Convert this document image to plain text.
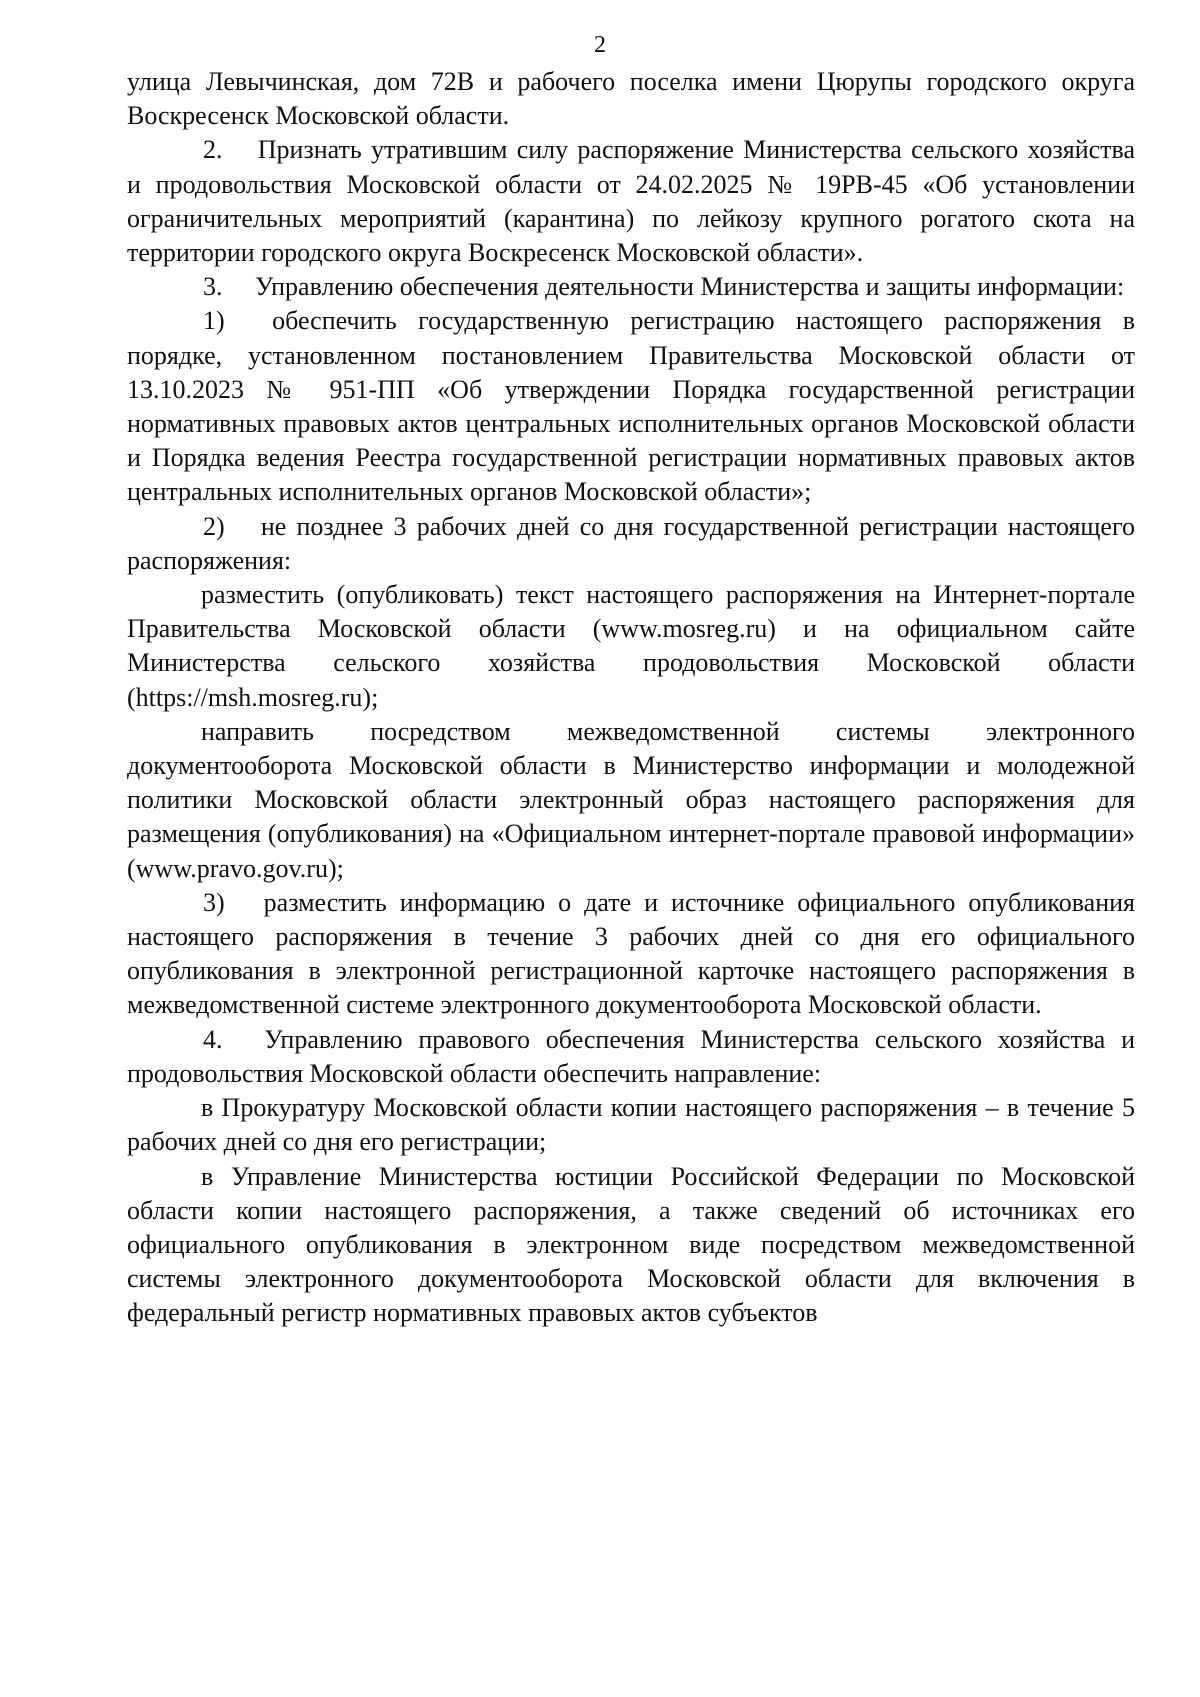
2

улица Левычинская, дом 72В и рабочего поселка имени Цюрупы городского округа Воскресенск Московской области.

2.  Признать утратившим силу распоряжение Министерства сельского хозяйства и продовольствия Московской области от 24.02.2025 № 19РВ-45 «Об установлении ограничительных мероприятий (карантина) по лейкозу крупного рогатого скота на территории городского округа Воскресенск Московской области».

3.  Управлению обеспечения деятельности Министерства и защиты информации:

1)  обеспечить государственную регистрацию настоящего распоряжения в порядке, установленном постановлением Правительства Московской области от 13.10.2023 № 951-ПП «Об утверждении Порядка государственной регистрации нормативных правовых актов центральных исполнительных органов Московской области и Порядка ведения Реестра государственной регистрации нормативных правовых актов центральных исполнительных органов Московской области»;

2)  не позднее 3 рабочих дней со дня государственной регистрации настоящего распоряжения:

разместить (опубликовать) текст настоящего распоряжения на Интернет-портале Правительства Московской области (www.mosreg.ru) и на официальном сайте Министерства сельского хозяйства продовольствия Московской области (https://msh.mosreg.ru);

направить посредством межведомственной системы электронного документооборота Московской области в Министерство информации и молодежной политики Московской области электронный образ настоящего распоряжения для размещения (опубликования) на «Официальном интернет-портале правовой информации» (www.pravo.gov.ru);

3)  разместить информацию о дате и источнике официального опубликования настоящего распоряжения в течение 3 рабочих дней со дня его официального опубликования в электронной регистрационной карточке настоящего распоряжения в межведомственной системе электронного документооборота Московской области.

4.  Управлению правового обеспечения Министерства сельского хозяйства и продовольствия Московской области обеспечить направление:

в Прокуратуру Московской области копии настоящего распоряжения – в течение 5 рабочих дней со дня его регистрации;

в Управление Министерства юстиции Российской Федерации по Московской области копии настоящего распоряжения, а также сведений об источниках его официального опубликования в электронном виде посредством межведомственной системы электронного документооборота Московской области для включения в федеральный регистр нормативных правовых актов субъектов
